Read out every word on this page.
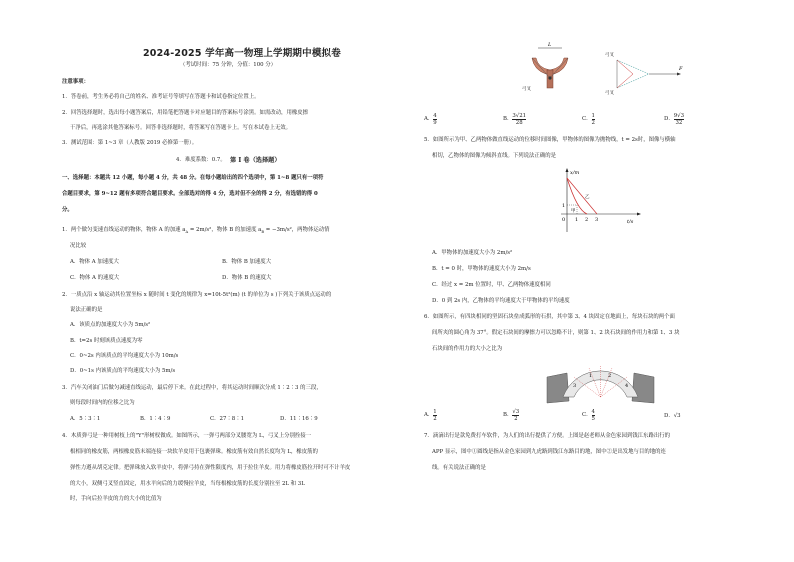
2024-2025 学年高一物理上学期期中模拟卷
（考试时间：75 分钟，分值：100 分）
注意事项：
1．答卷前，考生务必将自己的姓名、准考证号等填写在答题卡和试卷指定位置上。
2．回答选择题时，选出每小题答案后，用铅笔把答题卡对应题目的答案标号涂黑。如需改动，用橡皮擦
干净后，再选涂其他答案标号。回答非选择题时，将答案写在答题卡上。写在本试卷上无效。
3．测试范围：第 1~3 章（人教版 2019 必修第一册）。
4．难度系数：0.7。 第 I 卷（选择题）
一、选择题：本题共 12 小题，每小题 4 分，共 48 分。在每小题给出的四个选项中，第 1~8 题只有一项符
合题目要求，第 9~12 题有多项符合题目要求。全部选对的得 4 分，选对但不全的得 2 分，有选错的得 0
分。
1．两个做匀变速直线运动的物体，物体 A 的加速 $a_A = 2m/s^2$，物体 B 的加速度 $a_B = -3m/s^2$，两物体运动情
况比较
A．物体 A 加速度大	B．物体 B 加速度大
C．物体 A 的速度大	D．物体 B 的速度大
2．一质点沿 x 轴运动其位置坐标 x 随时间 t 变化的规律为 x=10t-5t²(m) (t 的单位为 s )下列关于该质点运动的
说法正确的是
A．该质点的加速度大小为 5m/s²
B．t=2s 时刻该质点速度为零
C．0~2s 内该质点的平均速度大小为 10m/s
D．0~1s 内该质点的平均速度大小为 5m/s
3．汽车关闭油门后做匀减速直线运动，最后停下来。在此过程中，将其运动时间顺次分成 1∶2∶3 的三段，
则每段时间内的位移之比为
A．5∶3∶1	B．1∶4∶9	C．27∶8∶1	D．11∶16∶9
4．木质弹弓是一种用树枝上的"Y"形树杈做成。如图所示，一弹弓两部分叉腰宽为 L，弓叉上分别拴接一
根相同的橡皮筋，两根橡皮筋末端连接一块软羊皮用于包裹弹珠。橡皮筋有效自然长度均为 L，橡皮筋的
弹性力遵从胡克定律。把弹珠放入软羊皮中，将弹弓持在弹性限度内，用于拉住羊皮。用力将橡皮筋拉开时可不计羊皮
的大小，双侧弓叉竖直固定，用水平向后的力缓慢拉羊皮，当每根橡皮筋的长度分别拉至 2L 和 3L
时，手向后拉羊皮的力的大小的比值为
L
弓叉
弓叉
弓叉
F
A． 4
9
B． 3√21
28
C． 1
2
D． 9√3
32
5．如图所示为甲、乙两物体做直线运动的位移时间图像，甲物体的图像为抛物线，t = 2s时，图像与横轴
相切，乙物体的图像为倾斜直线。下列说法正确的是
x/m
t/s
0 1 2 3
1
甲
乙
A．甲物体的加速度大小为 2m/s²
B．t = 0 时，甲物体的速度大小为 2m/s
C．经过 x = 2m 位置时，甲、乙两物体速度相同
D．0 到 2s 内，乙物体的平均速度大于甲物体的平均速度
6．如图所示，有四块相同的坚固石块垒成弧形的石拱，其中第 3、4 块固定在地面上，每块石块的两个面
间所夹的圆心角为 37°。假定石块间的摩擦力可以忽略不计，则第 1、2 块石块间的作用力和第 1、3 块
石块间的作用力的大小之比为
3
1	2
4
A． 1
2
B． √3
2
C． 4
5	D．√3
7．滴滴出行是款免费打车软件，为人们的出行提供了方便。上图是赵老师从金色家园到钱江东路出行的
APP 显示，图中①圆线是指从金色家园到九虎路到钱江东路目的地，图中②是出发地与目的地的连
线。有关说法正确的是
